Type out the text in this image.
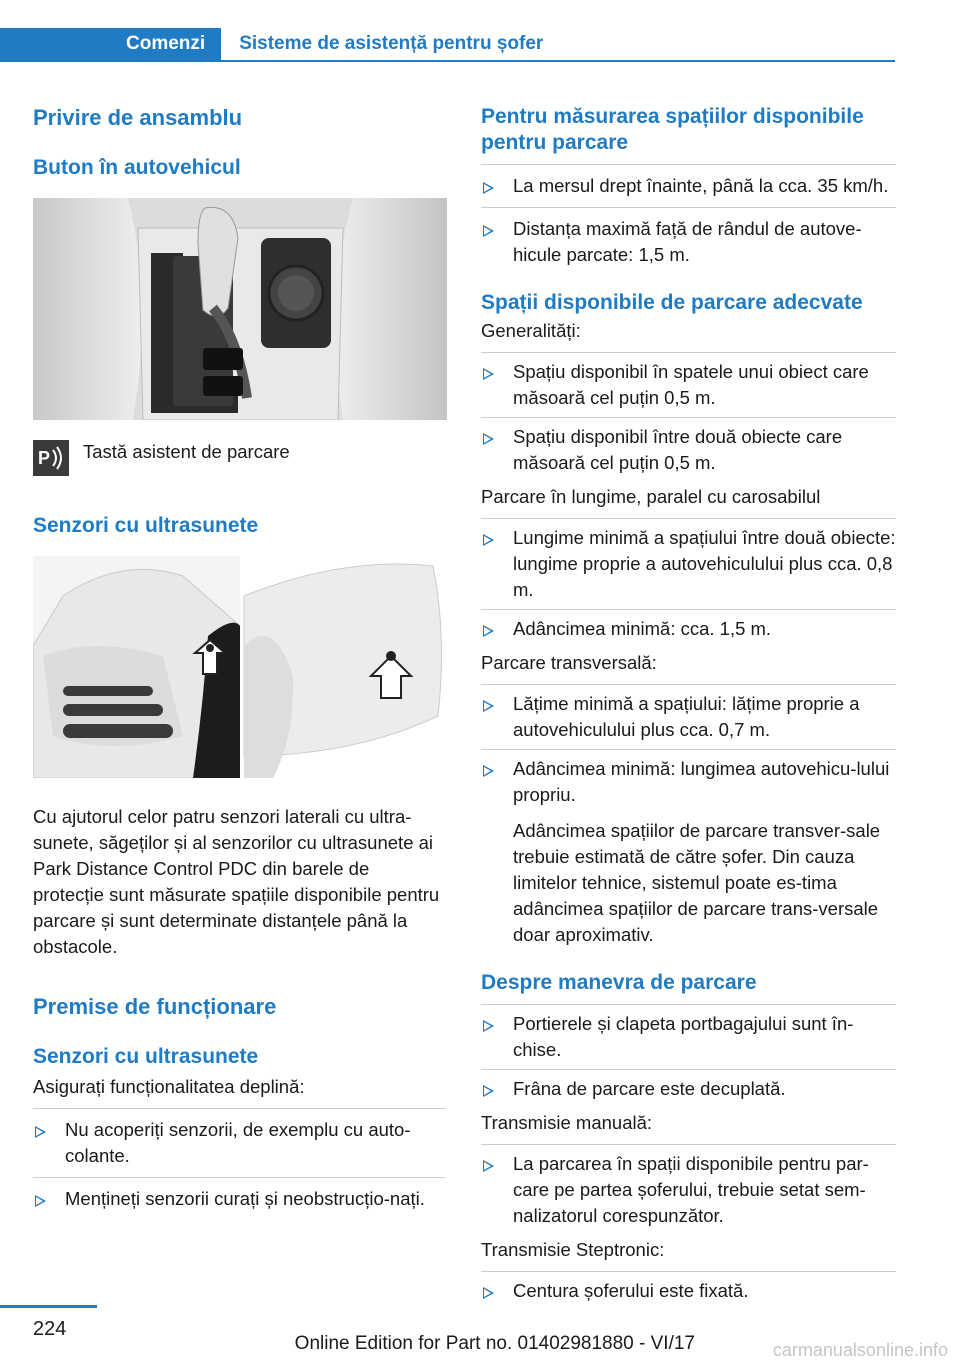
Comenzi	Sisteme de asistență pentru șofer
Privire de ansamblu
Buton în autovehicul
P Tastă asistent de parcare

Senzori cu ultrasunete

Cu ajutorul celor patru senzori laterali cu ultra‐sunete, săgeților și al senzorilor cu ultrasunete ai Park Distance Control PDC din barele de protecție sunt măsurate spațiile disponibile pentru parcare și sunt determinate distanțele până la obstacole.

Premise de funcționare
Senzori cu ultrasunete

Asigurați funcționalitatea deplină:

Nu acoperiți senzorii, de exemplu cu auto‐colante.
Mențineți senzorii curați și neobstrucțio‐nați.
Pentru măsurarea spațiilor disponibile pentru parcare
La mersul drept înainte, până la cca. 35 km/h.
Distanța maximă față de rândul de autove‐hicule parcate: 1,5 m.
Spații disponibile de parcare adecvate

Generalități:

Spațiu disponibil în spatele unui obiect care măsoară cel puțin 0,5 m.
Spațiu disponibil între două obiecte care măsoară cel puțin 0,5 m.

Parcare în lungime, paralel cu carosabilul

Lungime minimă a spațiului între două obiecte: lungime proprie a autovehiculului plus cca. 0,8 m.
Adâncimea minimă: cca. 1,5 m.

Parcare transversală:

Lățime minimă a spațiului: lățime proprie a autovehiculului plus cca. 0,7 m.
Adâncimea minimă: lungimea autovehicu‐lului propriu.

Adâncimea spațiilor de parcare transver‐sale trebuie estimată de către șofer. Din cauza limitelor tehnice, sistemul poate es‐tima adâncimea spațiilor de parcare trans‐versale doar aproximativ.

Despre manevra de parcare
Portierele și clapeta portbagajului sunt în‐chise.
Frâna de parcare este decuplată.

Transmisie manuală:

La parcarea în spații disponibile pentru par‐care pe partea șoferului, trebuie setat sem‐nalizatorul corespunzător.

Transmisie Steptronic:

Centura șoferului este fixată.
224
Online Edition for Part no. 01402981880 - VI/17	carmanualsonline.info
